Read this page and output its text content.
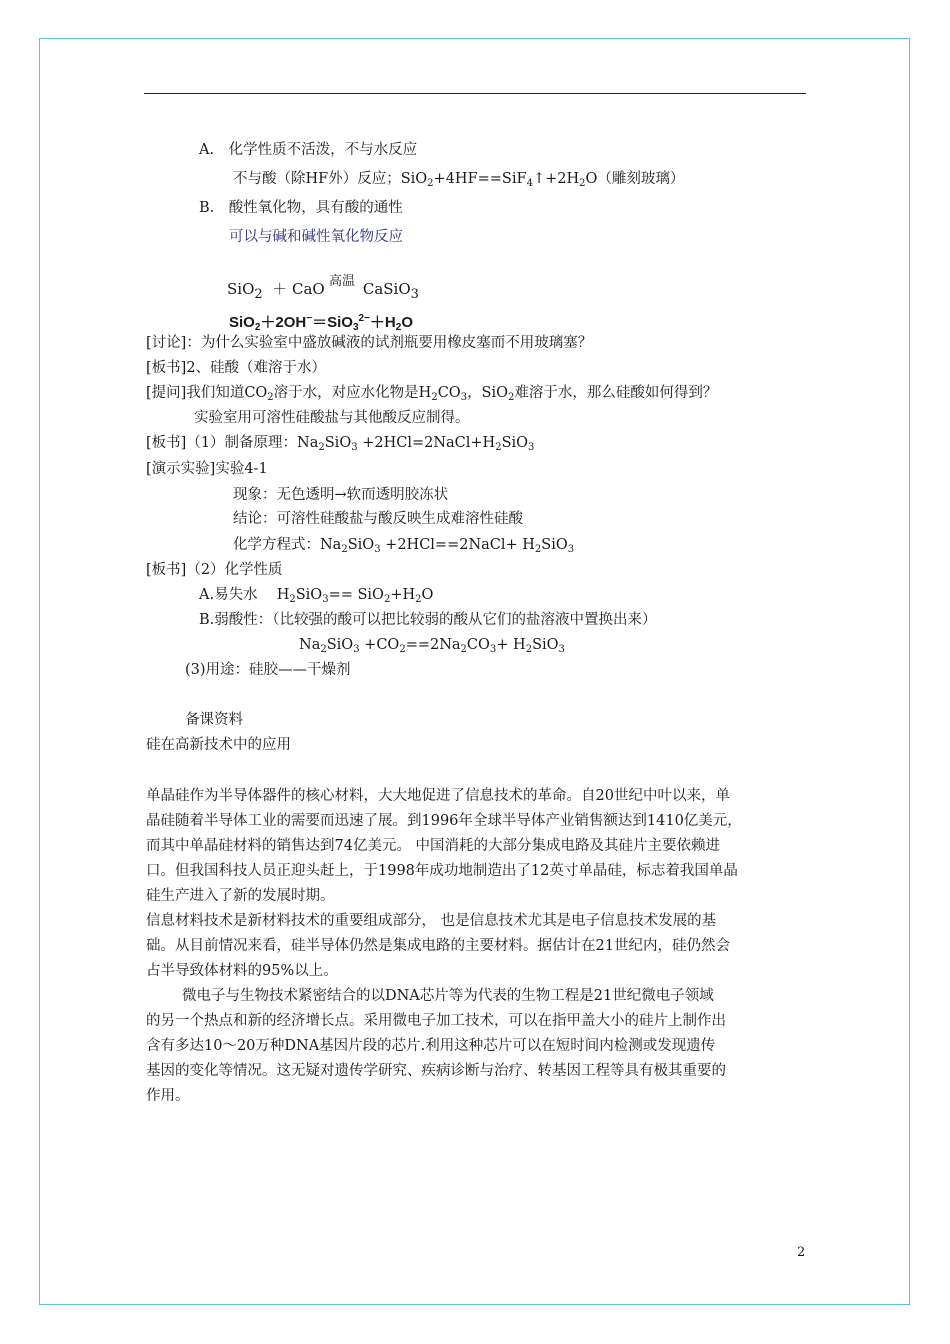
A.　化学性质不活泼，不与水反应
不与酸（除HF外）反应；$SiO_2+4HF==SiF_4↑+2H_2O$（雕刻玻璃）
B.　酸性氧化物，具有酸的通性
可以与碱和碱性氧化物反应
高温
SiO$_2$ ＋ CaO	CaSiO$_3$
$SiO_2+2OH^-=SiO_3^{2-}+H_2O$
[讨论]：为什么实验室中盛放碱液的试剂瓶要用橡皮塞而不用玻璃塞？
[板书]2、硅酸（难溶于水）
[提问]我们知道$CO_2$溶于水，对应水化物是$H_2CO_3$，SiO$_2$难溶于水，那么硅酸如何得到？
实验室用可溶性硅酸盐与其他酸反应制得。
[板书]（1）制备原理：$Na_2SiO_3$ $+2HCl=2NaCl+H_2SiO_3$
[演示实验]实验4-1
现象：无色透明→软而透明胶冻状
结论：可溶性硅酸盐与酸反映生成难溶性硅酸
化学方程式：$Na_2SiO_3$ +2HCl==2NaCl+ $H_2SiO_3$
[板书]（2）化学性质
A.易失水　 $H_2SiO_3== SiO_2+H_2O$
B.弱酸性：（比较强的酸可以把比较弱的酸从它们的盐溶液中置换出来）
$Na_2SiO_3 +CO_2==2Na_2CO_3+ H_2SiO_3$
(3)用途：硅胶——干燥剂
备课资料
硅在高新技术中的应用
单晶硅作为半导体器件的核心材料，大大地促进了信息技术的革命。自20世纪中叶以来，单
晶硅随着半导体工业的需要而迅速了展。到1996年全球半导体产业销售额达到1410亿美元，
而其中单晶硅材料的销售达到74亿美元。 中国消耗的大部分集成电路及其硅片主要依赖进
口。但我国科技人员正迎头赶上，于1998年成功地制造出了12英寸单晶硅，标志着我国单晶
硅生产进入了新的发展时期。
信息材料技术是新材料技术的重要组成部分， 也是信息技术尤其是电子信息技术发展的基
础。从目前情况来看，硅半导体仍然是集成电路的主要材料。据估计在21世纪内，硅仍然会
占半导致体材料的95%以上。
微电子与生物技术紧密结合的以DNA芯片等为代表的生物工程是21世纪微电子领域
的另一个热点和新的经济增长点。采用微电子加工技术，可以在指甲盖大小的硅片上制作出
含有多达10～20万种DNA基因片段的芯片.利用这种芯片可以在短时间内检测或发现遗传
基因的变化等情况。这无疑对遗传学研究、疾病诊断与治疗、转基因工程等具有极其重要的
作用。
2
